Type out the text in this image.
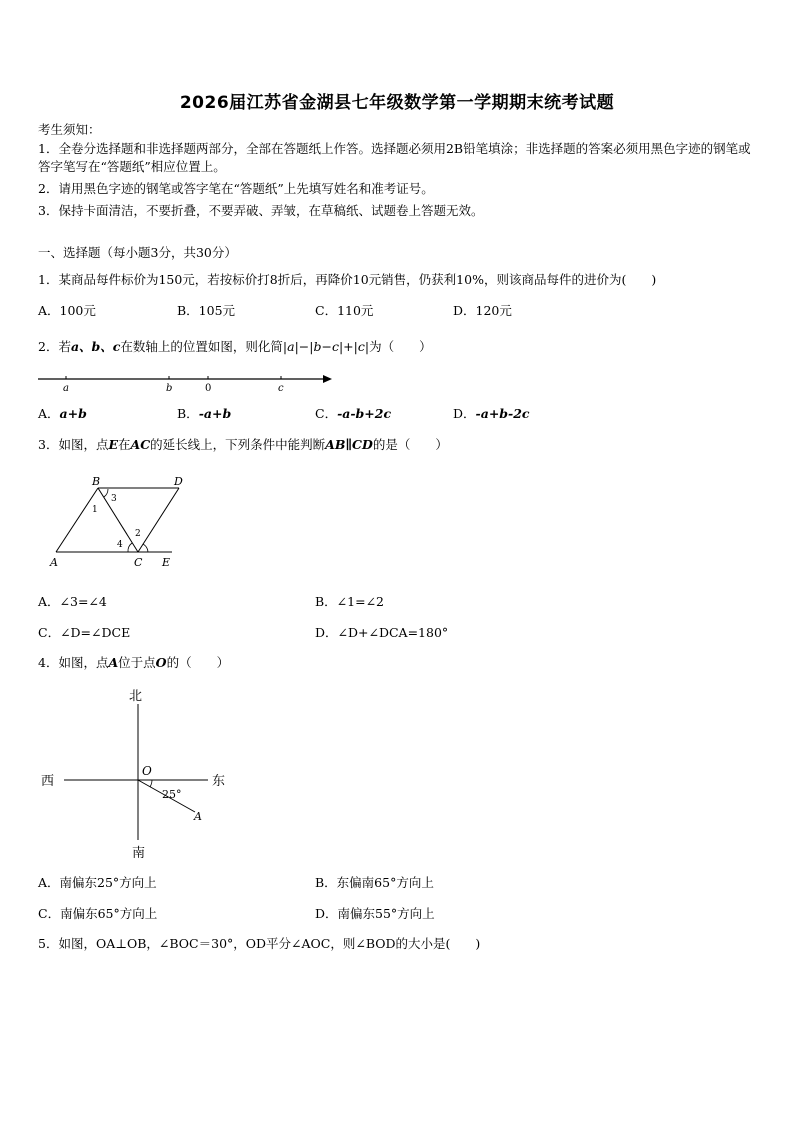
2026届江苏省金湖县七年级数学第一学期期末统考试题
考生须知：
1．全卷分选择题和非选择题两部分，全部在答题纸上作答。选择题必须用2B铅笔填涂；非选择题的答案必须用黑色字迹的钢笔或答字笔写在“答题纸”相应位置上。
2．请用黑色字迹的钢笔或答字笔在“答题纸”上先填写姓名和准考证号。
3．保持卡面清洁，不要折叠，不要弄破、弄皱，在草稿纸、试题卷上答题无效。
一、选择题（每小题3分，共30分）
1．某商品每件标价为150元，若按标价打8折后，再降价10元销售，仍获利10%，则该商品每件的进价为(　　)
A．100元	B．105元	C．110元	D．120元
2．若a、b、c在数轴上的位置如图，则化简|a|−|b−c|+|c|为（　　）
a	b	0	c
A．a+b	B．-a+b	C．-a-b+2c	D．-a+b-2c
3．如图，点E在AC的延长线上，下列条件中能判断AB∥CD的是（　　）
B	D
A	C E
1
2
3
4
A．∠3=∠4	B．∠1=∠2
C．∠D=∠DCE	D．∠D+∠DCA=180°
4．如图，点A位于点O的（　　）
北
南
西	东
O
25°
A
A．南偏东25°方向上	B．东偏南65°方向上
C．南偏东65°方向上	D．南偏东55°方向上
5．如图，OA⊥OB，∠BOC＝30°，OD平分∠AOC，则∠BOD的大小是(　　)
